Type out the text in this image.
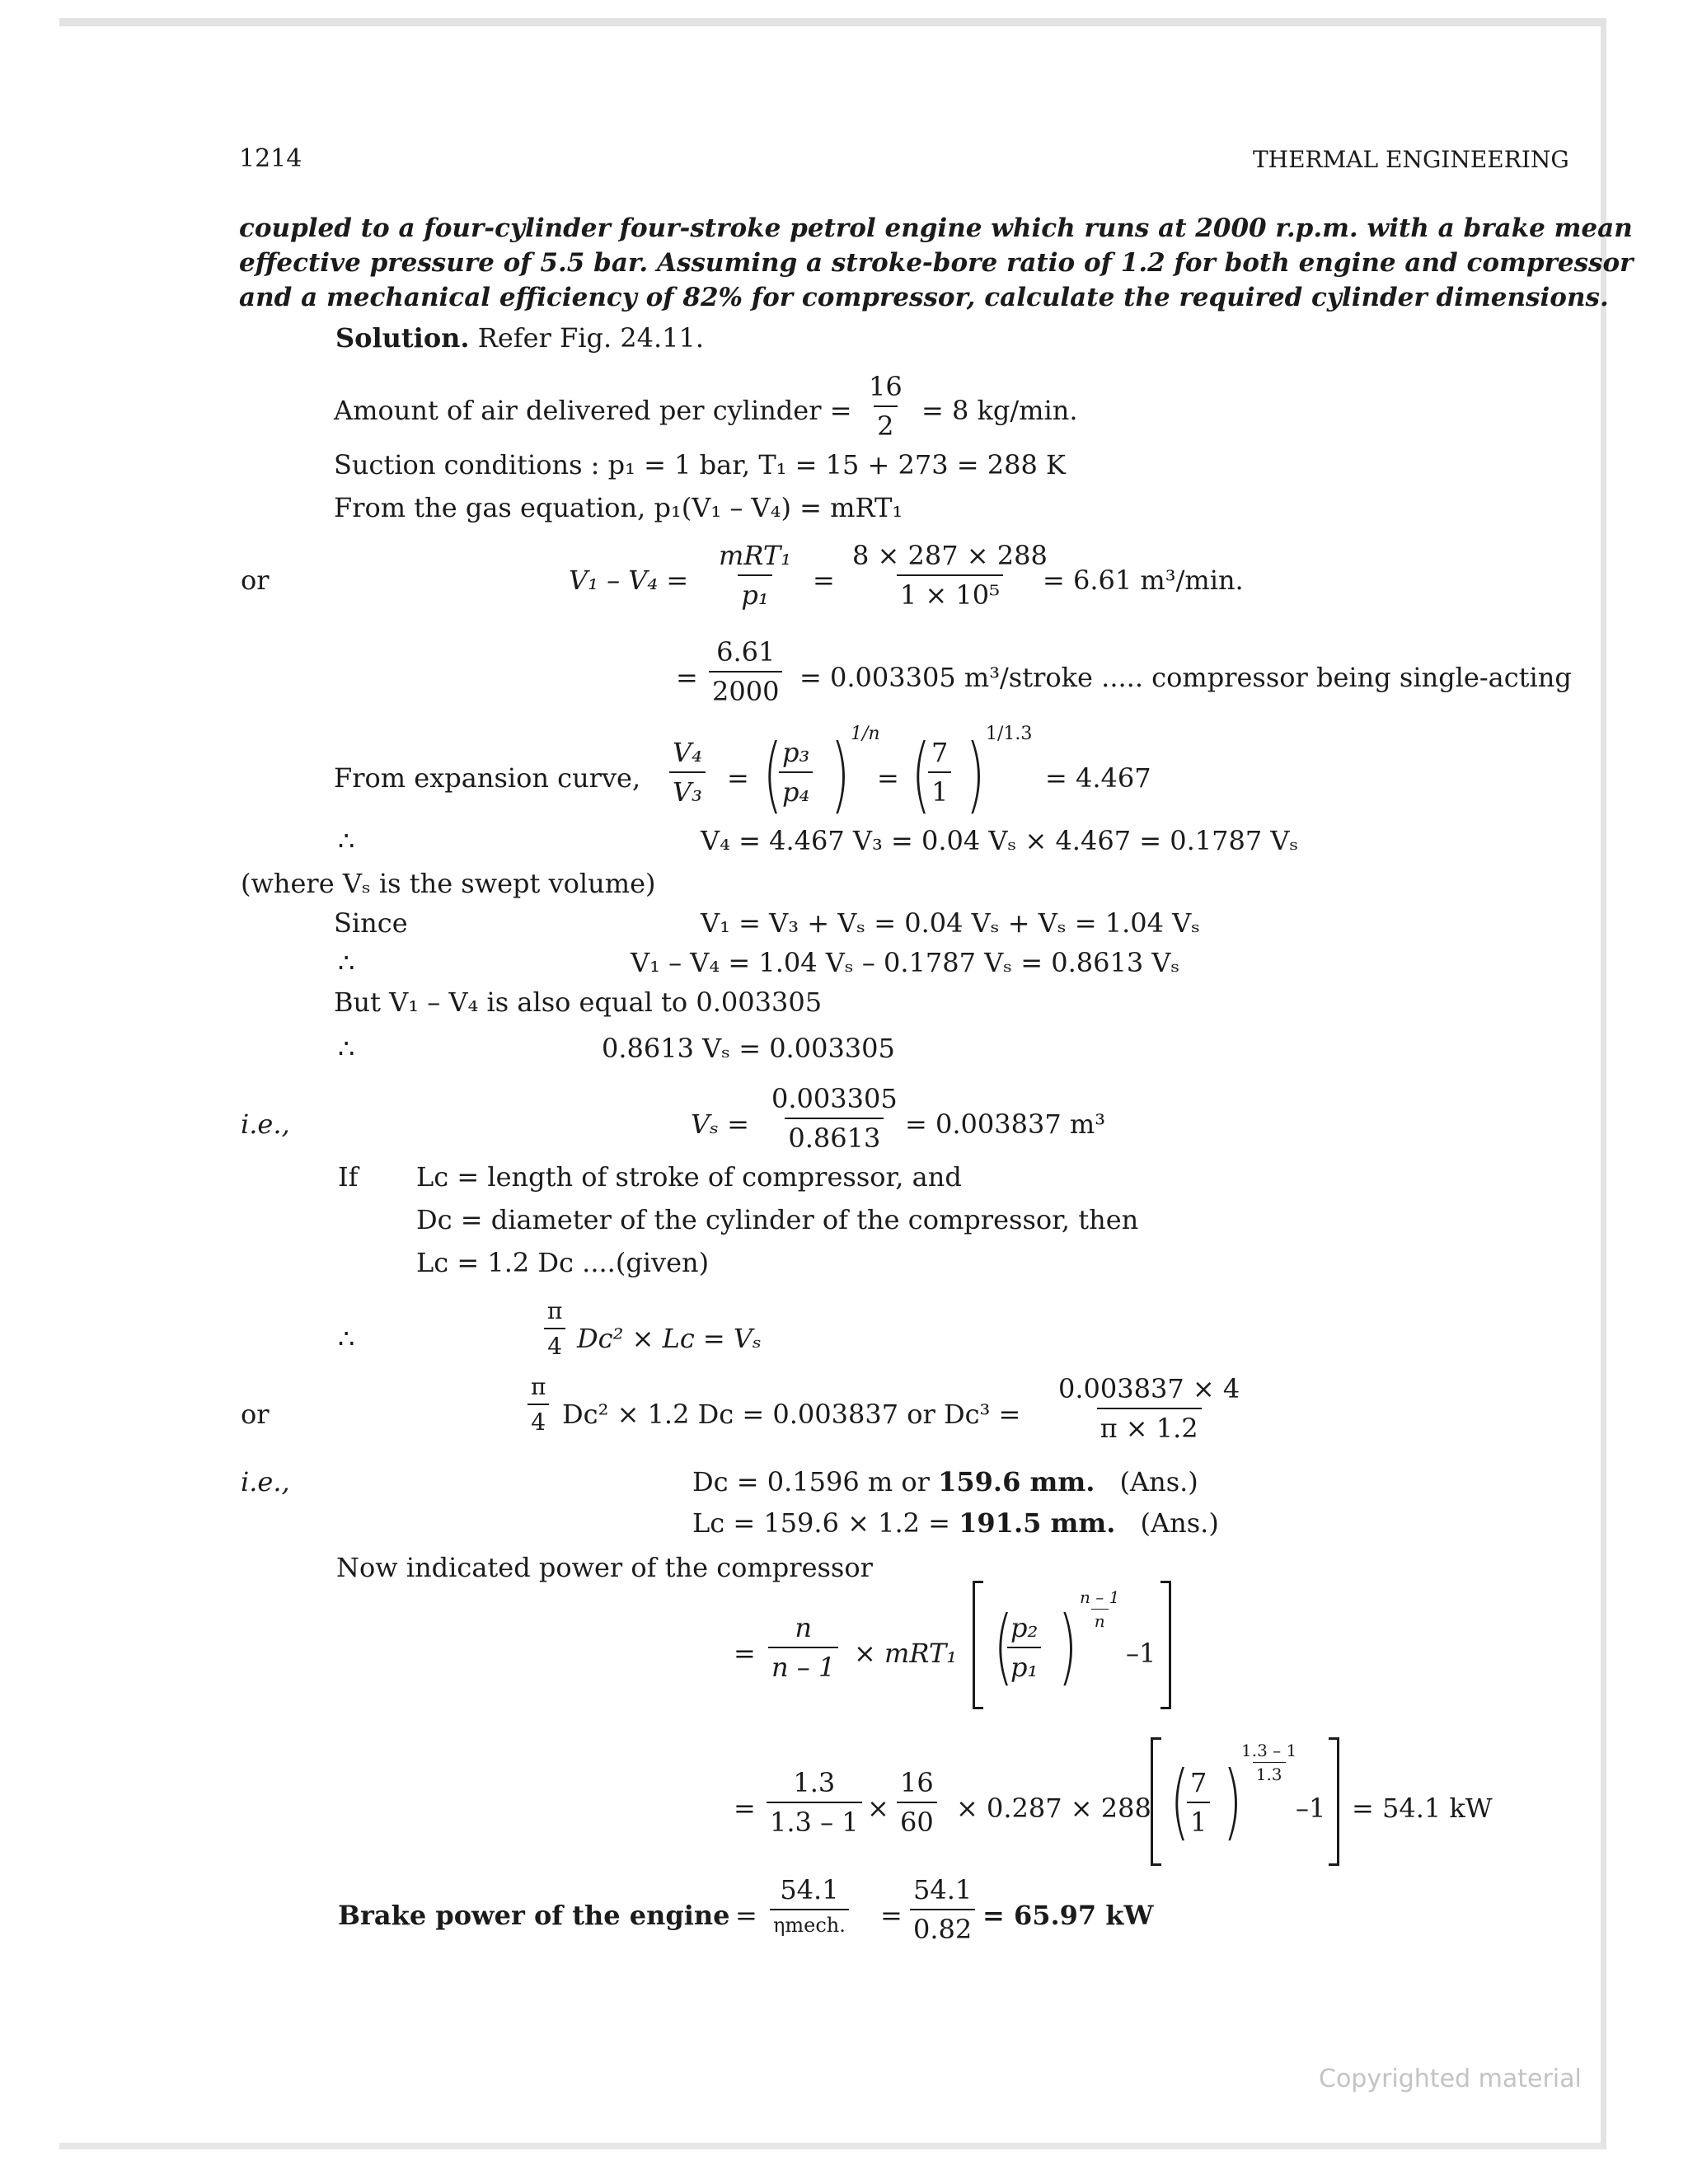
1214	THERMAL ENGINEERING
coupled to a four-cylinder four-stroke petrol engine which runs at 2000 r.p.m. with a brake mean
effective pressure of 5.5 bar. Assuming a stroke-bore ratio of 1.2 for both engine and compressor
and a mechanical efficiency of 82% for compressor, calculate the required cylinder dimensions.
Solution. Refer Fig. 24.11.
Amount of air delivered per cylinder = $\frac{16}{2} = 8$ kg/min.
Suction conditions : p₁ = 1 bar, T₁ = 15 + 273 = 288 K
From the gas equation, p₁(V₁ – V₄) = mRT₁
or	V₁ – V₄ =
mRT₁
$p_1 = \frac{8 \times 287 \times 288}{\text{1 × 10⁵}}$
= 6.61 m³/min.
= $\frac{6.61}{2000} = 0.003305$ m³/stroke ..... compressor being single-acting
From expansion curve, $\frac{\text{V₄}}{\text{V₃}}$ = (
$\frac{\text{p₃}}{\text{p₄}}$ ) 1/n
= (
$\frac{7}{1}$ ) 1/1.3
= 4.467
∴	V₄ = 4.467 V₃ = 0.04 Vₛ × 4.467 = 0.1787 Vₛ
(where Vₛ is the swept volume)
Since	V₁ = V₃ + Vₛ = 0.04 Vₛ + Vₛ = 1.04 Vₛ
∴	V₁ – V₄ = 1.04 Vₛ – 0.1787 Vₛ = 0.8613 Vₛ
But V₁ – V₄ is also equal to 0.003305
∴	0.8613 Vₛ = 0.003305
i.e.,	$V_s = \frac{0.003305}{0.8613} = 0.003837$ m³
If Lᴄ = length of stroke of compressor, and
Dᴄ = diameter of the cylinder of the compressor, then
Lᴄ = 1.2 Dᴄ ....(given)
∴	$\frac{\pi}{4}$ Dᴄ² × Lᴄ = Vₛ
or	$\frac{\pi}{4}$ Dᴄ² × 1.2 Dᴄ = 0.003837 or Dᴄ³ = $\frac{0.003837 \times 4}{\pi \times 1.2}$
i.e.,	Dᴄ = 0.1596 m or 159.6 mm. (Ans.)
Lᴄ = 159.6 × 1.2 = 191.5 mm. (Ans.)
Now indicated power of the compressor
= $\frac{n}{n - 1} \times mRT_1$ (
$\frac{\text{p₂}}{\text{p₁}}$ )
$\frac{n - 1}{n}$
–1
= $\frac{1.3}{1.3 - 1} \times \frac{16}{60} \times 0.287 \times 288$ (
$\frac{7}{1}$ )
$\frac{1.3 - 1}{1.3}$
–1 = 54.1 kW
Brake power of the engine =
54.1
ηmech. = $\frac{54.1}{0.82} = 65.97$ kW
Copyrighted material
